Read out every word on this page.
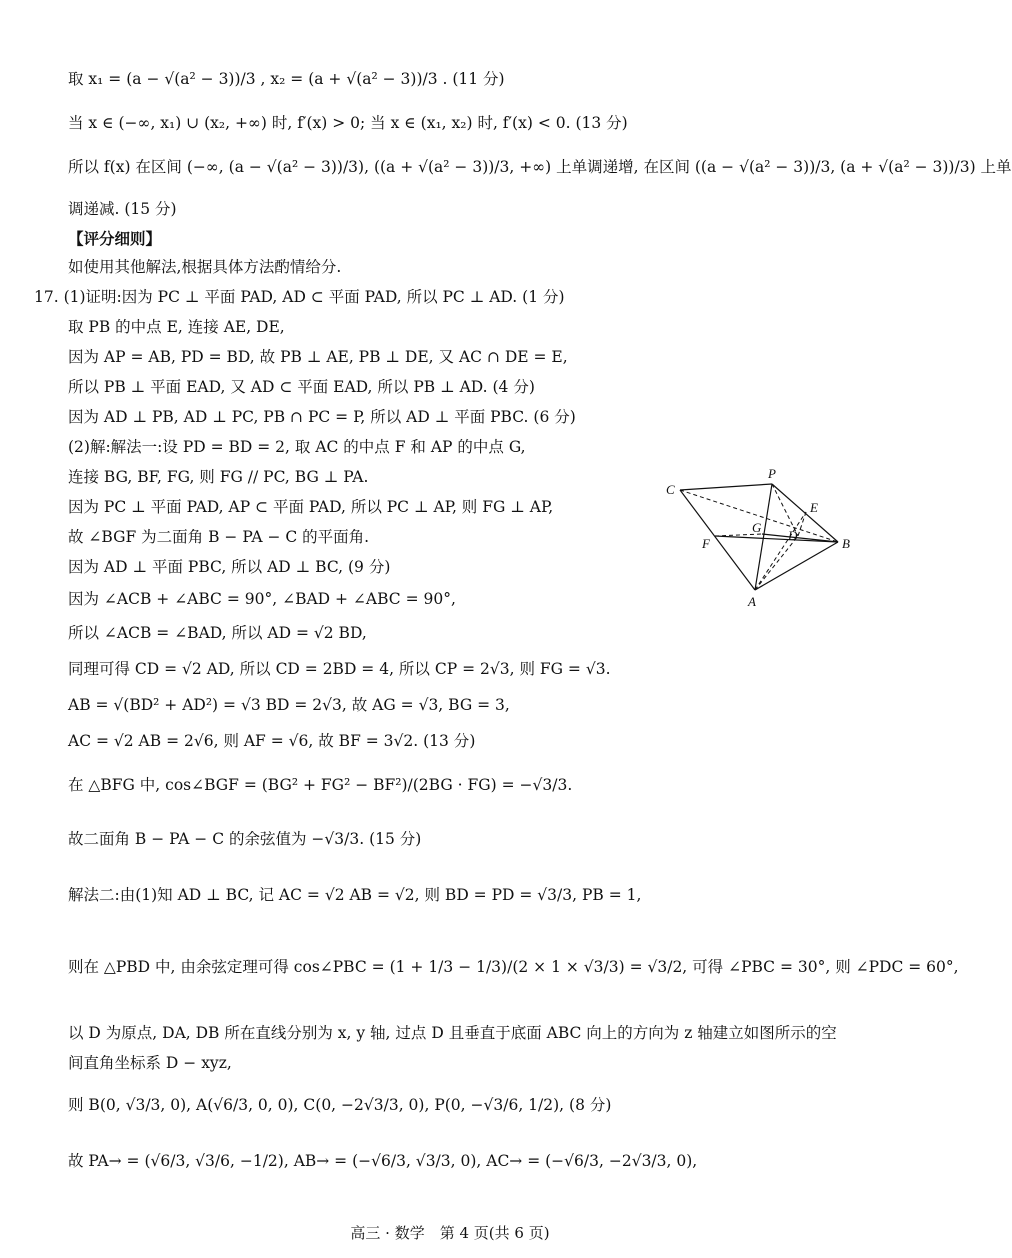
取 x₁ = (a − √(a² − 3))/3 , x₂ = (a + √(a² − 3))/3 . (11 分)
当 x ∈ (−∞, x₁) ∪ (x₂, +∞) 时, f′(x) > 0; 当 x ∈ (x₁, x₂) 时, f′(x) < 0. (13 分)
所以 f(x) 在区间 (−∞, (a − √(a² − 3))/3), ((a + √(a² − 3))/3, +∞) 上单调递增, 在区间 ((a − √(a² − 3))/3, (a + √(a² − 3))/3) 上单
调递减. (15 分)
【评分细则】
如使用其他解法,根据具体方法酌情给分.
17. (1)证明:因为 PC ⊥ 平面 PAD, AD ⊂ 平面 PAD, 所以 PC ⊥ AD. (1 分)
取 PB 的中点 E, 连接 AE, DE,
因为 AP = AB, PD = BD, 故 PB ⊥ AE, PB ⊥ DE, 又 AC ∩ DE = E,
所以 PB ⊥ 平面 EAD, 又 AD ⊂ 平面 EAD, 所以 PB ⊥ AD. (4 分)
因为 AD ⊥ PB, AD ⊥ PC, PB ∩ PC = P, 所以 AD ⊥ 平面 PBC. (6 分)
(2)解:解法一:设 PD = BD = 2, 取 AC 的中点 F 和 AP 的中点 G,
连接 BG, BF, FG, 则 FG // PC, BG ⊥ PA.
因为 PC ⊥ 平面 PAD, AP ⊂ 平面 PAD, 所以 PC ⊥ AP, 则 FG ⊥ AP,
故 ∠BGF 为二面角 B − PA − C 的平面角.
因为 AD ⊥ 平面 PBC, 所以 AD ⊥ BC, (9 分)
因为 ∠ACB + ∠ABC = 90°, ∠BAD + ∠ABC = 90°,
所以 ∠ACB = ∠BAD, 所以 AD = √2 BD,
同理可得 CD = √2 AD, 所以 CD = 2BD = 4, 所以 CP = 2√3, 则 FG = √3.
AB = √(BD² + AD²) = √3 BD = 2√3, 故 AG = √3, BG = 3,
AC = √2 AB = 2√6, 则 AF = √6, 故 BF = 3√2. (13 分)
在 △BFG 中, cos∠BGF = (BG² + FG² − BF²)/(2BG · FG) = −√3/3.
故二面角 B − PA − C 的余弦值为 −√3/3. (15 分)
解法二:由(1)知 AD ⊥ BC, 记 AC = √2 AB = √2, 则 BD = PD = √3/3, PB = 1,
则在 △PBD 中, 由余弦定理可得 cos∠PBC = (1 + 1/3 − 1/3)/(2 × 1 × √3/3) = √3/2, 可得 ∠PBC = 30°, 则 ∠PDC = 60°,
以 D 为原点, DA, DB 所在直线分别为 x, y 轴, 过点 D 且垂直于底面 ABC 向上的方向为 z 轴建立如图所示的空
间直角坐标系 D − xyz,
则 B(0, √3/3, 0), A(√6/3, 0, 0), C(0, −2√3/3, 0), P(0, −√3/6, 1/2), (8 分)
故 PA→ = (√6/3, √3/6, −1/2), AB→ = (−√6/3, √3/3, 0), AC→ = (−√6/3, −2√3/3, 0),
C
P
E
G
D
F	B
A
高三 · 数学　第 4 页(共 6 页)
